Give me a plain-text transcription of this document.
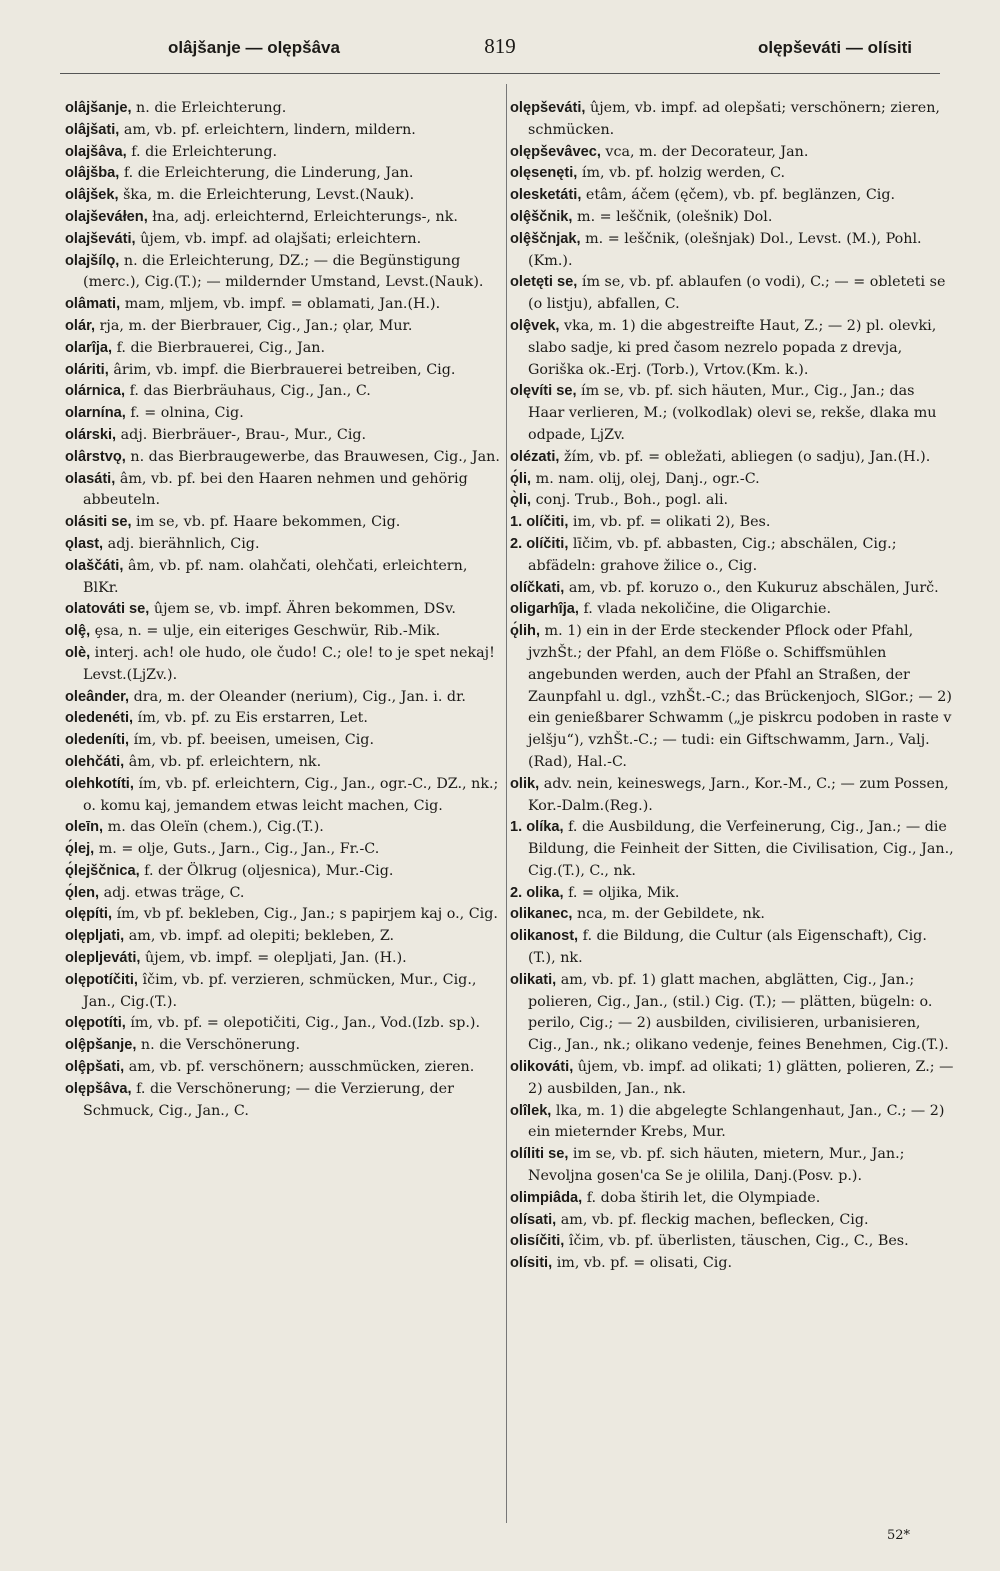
olâjšanje — olępšâva	819	olępševáti — olísiti

olâjšanje, n. die Erleichterung.

olâjšati, am, vb. pf. erleichtern, lindern, mildern.

olajšâva, f. die Erleichterung.

olâjšba, f. die Erleichterung, die Linderung, Jan.

olâjšek, ška, m. die Erleichterung, Levst.(Nauk).

olajševáłen, łna, adj. erleichternd, Erleichterungs-, nk.

olajševáti, ûjem, vb. impf. ad olajšati; erleichtern.

olajšílǫ, n. die Erleichterung, DZ.; — die Begünstigung (merc.), Cig.(T.); — mildernder Umstand, Levst.(Nauk).

olâmati, mam, mljem, vb. impf. = oblamati, Jan.(H.).

olár, rja, m. der Bierbrauer, Cig., Jan.; ǫlar, Mur.

olarîja, f. die Bierbrauerei, Cig., Jan.

oláriti, ârim, vb. impf. die Bierbrauerei betreiben, Cig.

olárnica, f. das Bierbräuhaus, Cig., Jan., C.

olarnína, f. = olnina, Cig.

olárski, adj. Bierbräuer-, Brau-, Mur., Cig.

olârstvǫ, n. das Bierbraugewerbe, das Brauwesen, Cig., Jan.

olasáti, âm, vb. pf. bei den Haaren nehmen und gehörig abbeuteln.

olásiti se, im se, vb. pf. Haare bekommen, Cig.

ǫlast, adj. bierähnlich, Cig.

olaščáti, âm, vb. pf. nam. olahčati, olehčati, erleichtern, BlKr.

olatováti se, ûjem se, vb. impf. Ähren bekommen, DSv.

olȩ̂, ȩsa, n. = ulje, ein eiteriges Geschwür, Rib.-Mik.

olè, interj. ach! ole hudo, ole čudo! C.; ole! to je spet nekaj! Levst.(LjZv.).

oleânder, dra, m. der Oleander (nerium), Cig., Jan. i. dr.

oledenéti, ím, vb. pf. zu Eis erstarren, Let.

oledeníti, ím, vb. pf. beeisen, umeisen, Cig.

olehčáti, âm, vb. pf. erleichtern, nk.

olehkotíti, ím, vb. pf. erleichtern, Cig., Jan., ogr.-C., DZ., nk.; o. komu kaj, jemandem etwas leicht machen, Cig.

oleīn, m. das Oleïn (chem.), Cig.(T.).

ǫ́lej, m. = olje, Guts., Jarn., Cig., Jan., Fr.-C.

ǫ́lejščnica, f. der Ölkrug (oljesnica), Mur.-Cig.

ǫ́len, adj. etwas träge, C.

olępíti, ím, vb pf. bekleben, Cig., Jan.; s papirjem kaj o., Cig.

olępljati, am, vb. impf. ad olepiti; bekleben, Z.

olepljeváti, ûjem, vb. impf. = olepljati, Jan. (H.).

olępotíčiti, îčim, vb. pf. verzieren, schmücken, Mur., Cig., Jan., Cig.(T.).

olępotíti, ím, vb. pf. = olepotičiti, Cig., Jan., Vod.(Izb. sp.).

olȩ̂pšanje, n. die Verschönerung.

olȩ̂pšati, am, vb. pf. verschönern; ausschmücken, zieren.

olępšâva, f. die Verschönerung; — die Verzierung, der Schmuck, Cig., Jan., C.

olępševáti, ûjem, vb. impf. ad olepšati; verschönern; zieren, schmücken.

olępševâvec, vca, m. der Decorateur, Jan.

olęsenęti, ím, vb. pf. holzig werden, C.

olesketáti, etâm, áčem (ęčem), vb. pf. beglänzen, Cig.

olȩ̂ščnik, m. = leščnik, (olešnik) Dol.

olȩ̂ščnjak, m. = leščnik, (olešnjak) Dol., Levst. (M.), Pohl.(Km.).

oletęti se, ím se, vb. pf. ablaufen (o vodi), C.; — = obleteti se (o listju), abfallen, C.

olȩ̂vek, vka, m. 1) die abgestreifte Haut, Z.; — 2) pl. olevki, slabo sadje, ki pred časom nezrelo popada z drevja, Goriška ok.-Erj. (Torb.), Vrtov.(Km. k.).

olęvíti se, ím se, vb. pf. sich häuten, Mur., Cig., Jan.; das Haar verlieren, M.; (volkodlak) olevi se, rekše, dlaka mu odpade, LjZv.

olézati, žím, vb. pf. = obležati, abliegen (o sadju), Jan.(H.).

ǫ́li, m. nam. olij, olej, Danj., ogr.-C.

ǫ̀li, conj. Trub., Boh., pogl. ali.

1. olíčiti, im, vb. pf. = olikati 2), Bes.

2. olíčiti, līčim, vb. pf. abbasten, Cig.; abschälen, Cig.; abfädeln: grahove žilice o., Cig.

olíčkati, am, vb. pf. koruzo o., den Kukuruz abschälen, Jurč.

oligarhîja, f. vlada nekoličine, die Oligarchie.

ǫ́lih, m. 1) ein in der Erde steckender Pflock oder Pfahl, jvzhŠt.; der Pfahl, an dem Flöße o. Schiffsmühlen angebunden werden, auch der Pfahl an Straßen, der Zaunpfahl u. dgl., vzhŠt.-C.; das Brückenjoch, SlGor.; — 2) ein genießbarer Schwamm („je piskrcu podoben in raste v jelšju“), vzhŠt.-C.; — tudi: ein Giftschwamm, Jarn., Valj.(Rad), Hal.-C.

olik, adv. nein, keineswegs, Jarn., Kor.-M., C.; — zum Possen, Kor.-Dalm.(Reg.).

1. olíka, f. die Ausbildung, die Verfeinerung, Cig., Jan.; — die Bildung, die Feinheit der Sitten, die Civilisation, Cig., Jan., Cig.(T.), C., nk.

2. olika, f. = oljika, Mik.

olikanec, nca, m. der Gebildete, nk.

olikanost, f. die Bildung, die Cultur (als Eigenschaft), Cig.(T.), nk.

olikati, am, vb. pf. 1) glatt machen, abglätten, Cig., Jan.; polieren, Cig., Jan., (stil.) Cig. (T.); — plätten, bügeln: o. perilo, Cig.; — 2) ausbilden, civilisieren, urbanisieren, Cig., Jan., nk.; olikano vedenje, feines Benehmen, Cig.(T.).

olikováti, ûjem, vb. impf. ad olikati; 1) glätten, polieren, Z.; — 2) ausbilden, Jan., nk.

olîlek, lka, m. 1) die abgelegte Schlangenhaut, Jan., C.; — 2) ein mieternder Krebs, Mur.

olíliti se, im se, vb. pf. sich häuten, mietern, Mur., Jan.; Nevoljna gosen'ca Se je olilila, Danj.(Posv. p.).

olimpiâda, f. doba štirih let, die Olympiade.

olísati, am, vb. pf. fleckig machen, beflecken, Cig.

olisíčiti, îčim, vb. pf. überlisten, täuschen, Cig., C., Bes.

olísiti, im, vb. pf. = olisati, Cig.

52*
